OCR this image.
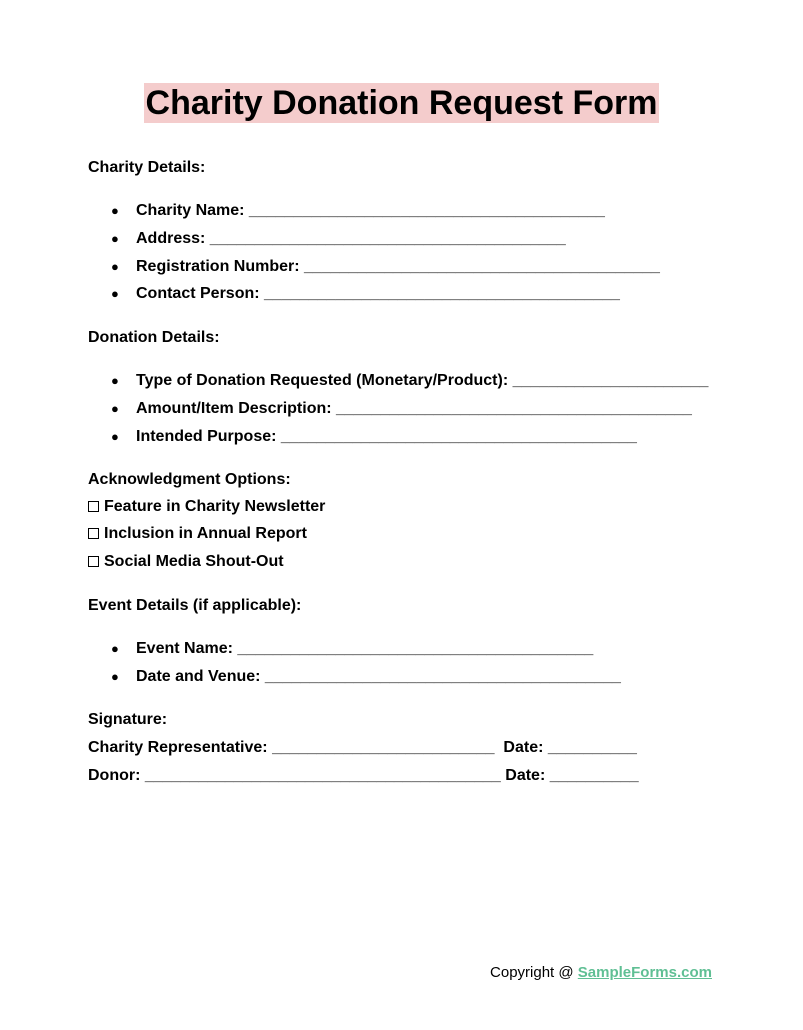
Charity Donation Request Form
Charity Details:
● Charity Name: ________________________________________
● Address: ________________________________________
● Registration Number: ________________________________________
● Contact Person: ________________________________________
Donation Details:
● Type of Donation Requested (Monetary/Product): ______________________
● Amount/Item Description: ________________________________________
● Intended Purpose: ________________________________________
Acknowledgment Options:
Feature in Charity Newsletter
Inclusion in Annual Report
Social Media Shout-Out
Event Details (if applicable):
● Event Name: ________________________________________
● Date and Venue: ________________________________________
Signature:
Charity Representative: _________________________  Date: __________
Donor: ________________________________________ Date: __________
Copyright @ SampleForms.com
